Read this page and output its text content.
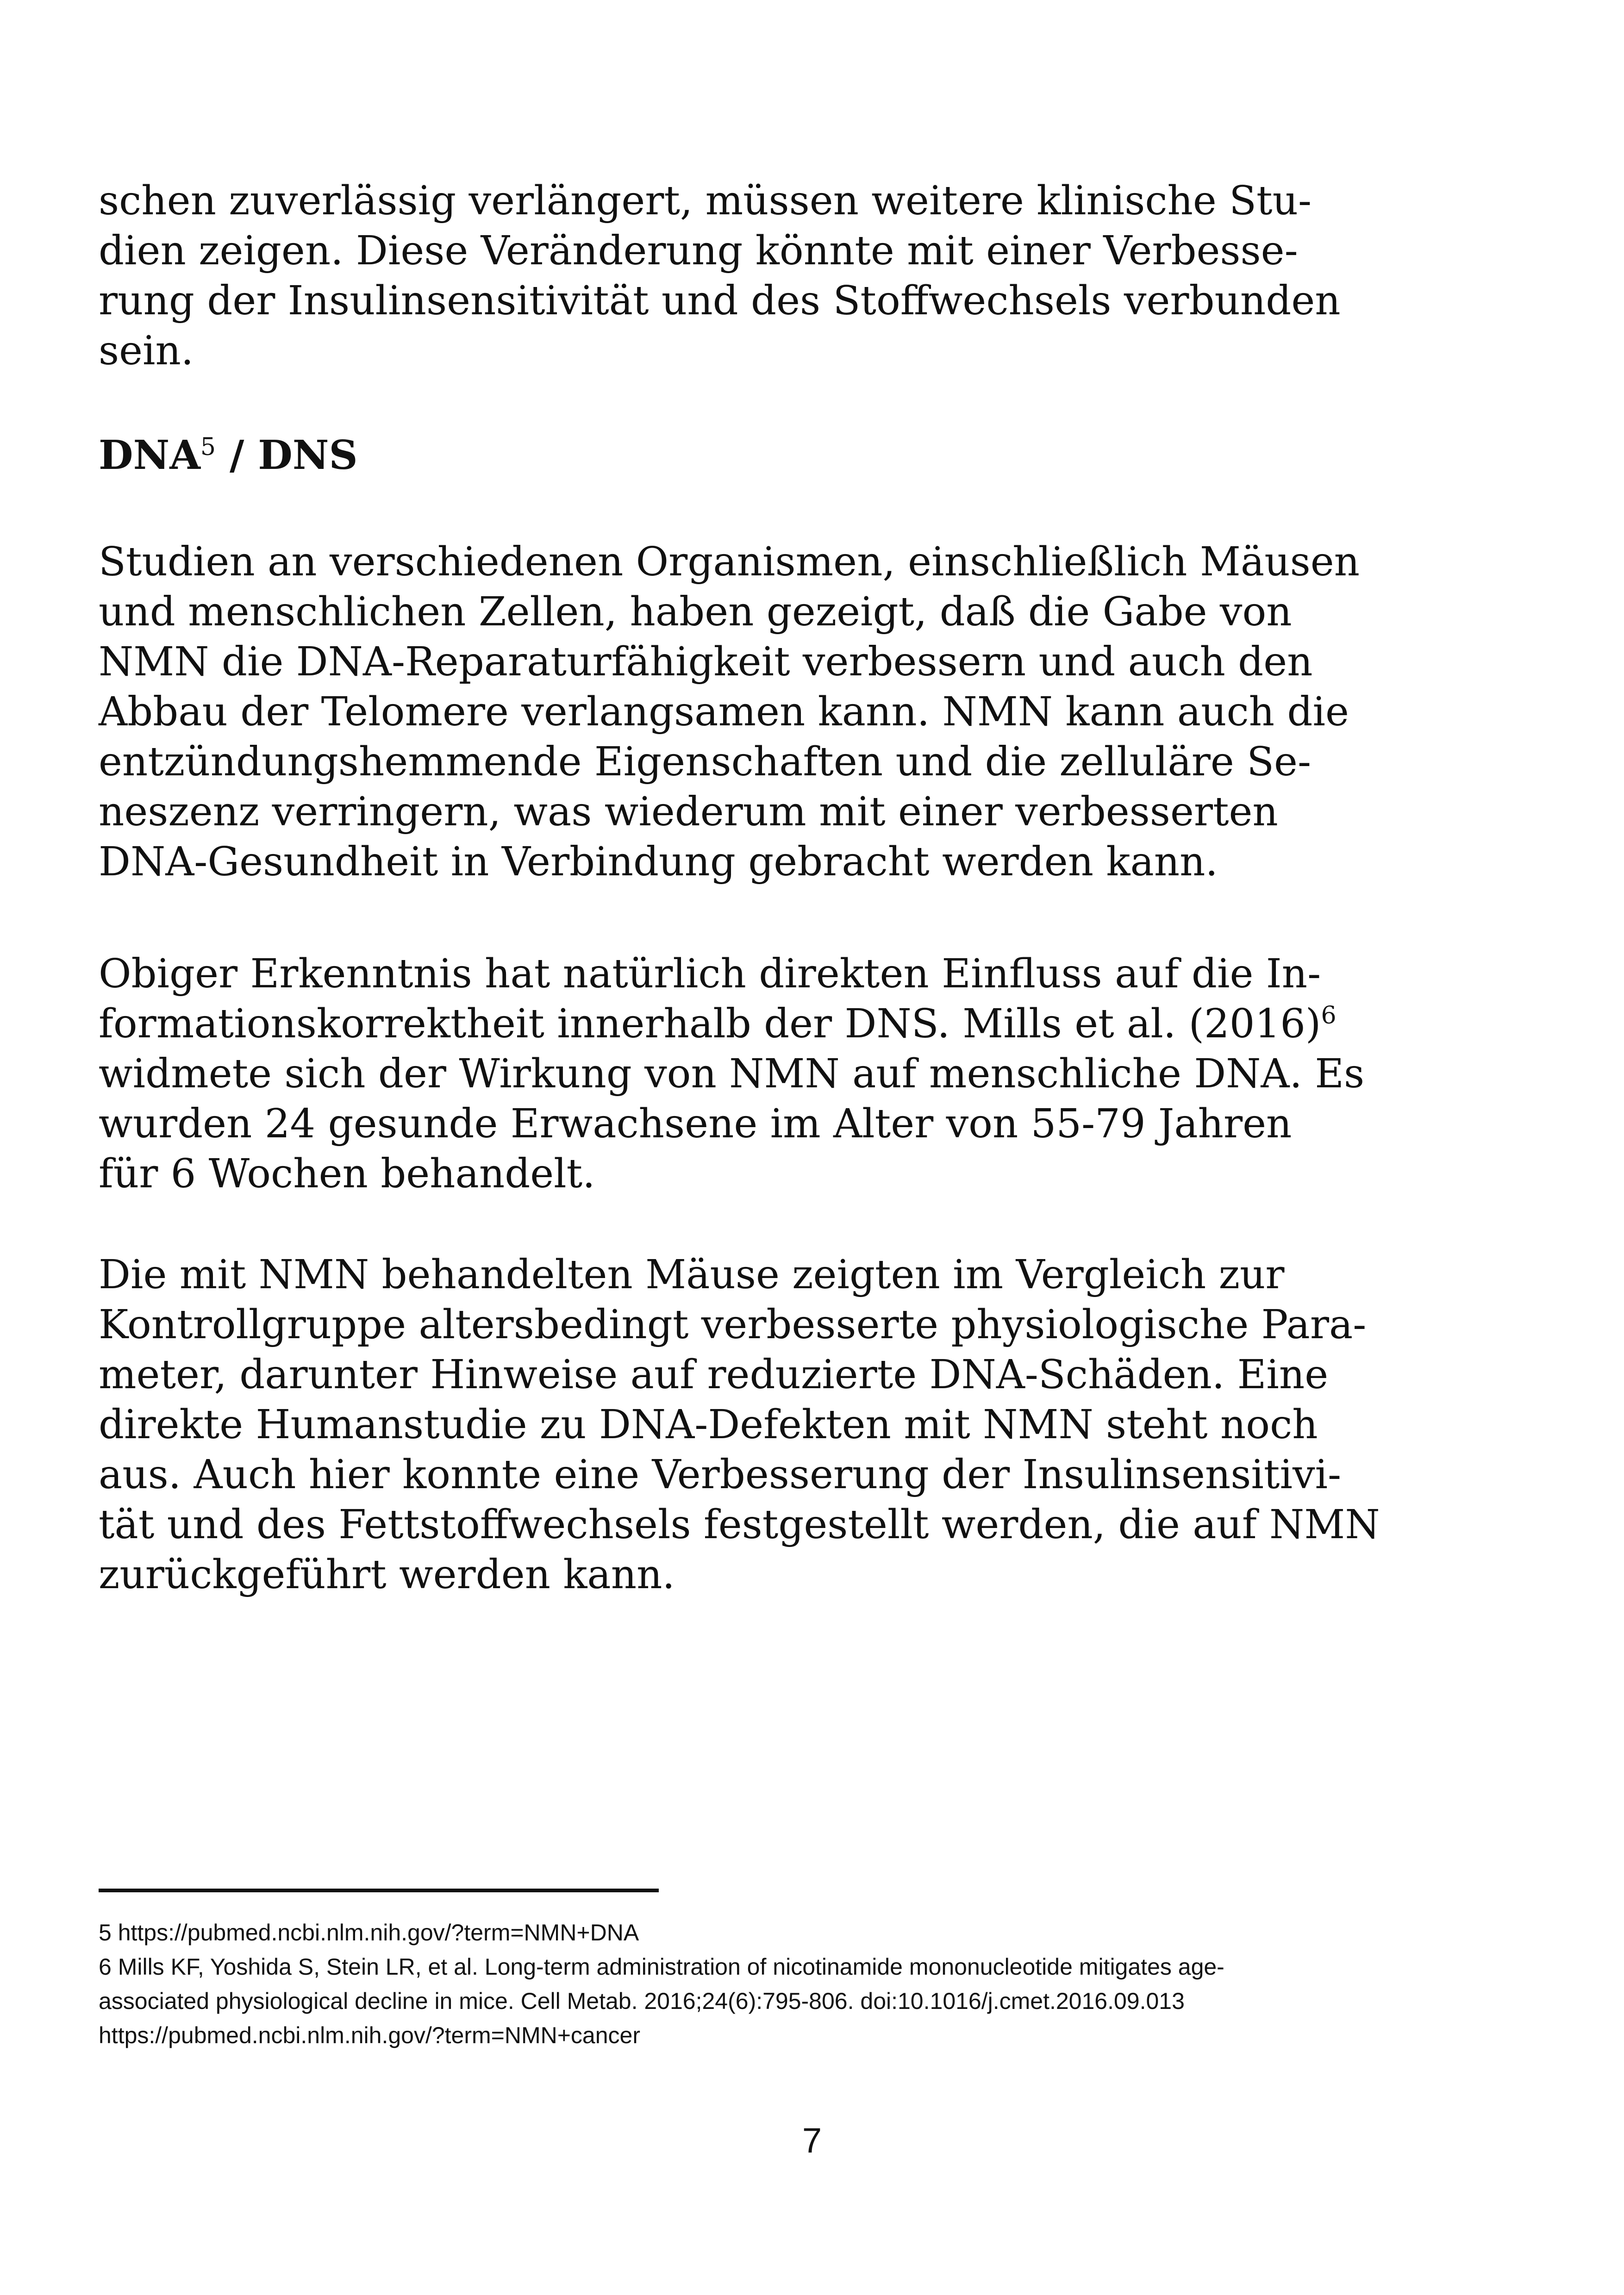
schen zuverlässig verlängert, müssen weitere klinische Stu-
dien zeigen. Diese Veränderung könnte mit einer Verbesse-
rung der Insulinsensitivität und des Stoffwechsels verbunden
sein.

DNA$^5$ / DNS

Studien an verschiedenen Organismen, einschließlich Mäusen
und menschlichen Zellen, haben gezeigt, daß die Gabe von
NMN die DNA-Reparaturfähigkeit verbessern und auch den
Abbau der Telomere verlangsamen kann. NMN kann auch die
entzündungshemmende Eigenschaften und die zelluläre Se-
neszenz verringern, was wiederum mit einer verbesserten
DNA-Gesundheit in Verbindung gebracht werden kann.

Obiger Erkenntnis hat natürlich direkten Einfluss auf die In-
formationskorrektheit innerhalb der DNS. Mills et al. $(2016)^6$
widmete sich der Wirkung von NMN auf menschliche DNA. Es
wurden 24 gesunde Erwachsene im Alter von 55-79 Jahren
für 6 Wochen behandelt.

Die mit NMN behandelten Mäuse zeigten im Vergleich zur
Kontrollgruppe altersbedingt verbesserte physiologische Para-
meter, darunter Hinweise auf reduzierte DNA-Schäden. Eine
direkte Humanstudie zu DNA-Defekten mit NMN steht noch
aus. Auch hier konnte eine Verbesserung der Insulinsensitivi-
tät und des Fettstoffwechsels festgestellt werden, die auf NMN
zurückgeführt werden kann.

5 https://pubmed.ncbi.nlm.nih.gov/?term=NMN+DNA
6 Mills KF, Yoshida S, Stein LR, et al. Long-term administration of nicotinamide mononucleotide mitigates age-
associated physiological decline in mice. Cell Metab. 2016;24(6):795-806. doi:10.1016/j.cmet.2016.09.013
https://pubmed.ncbi.nlm.nih.gov/?term=NMN+cancer
7
